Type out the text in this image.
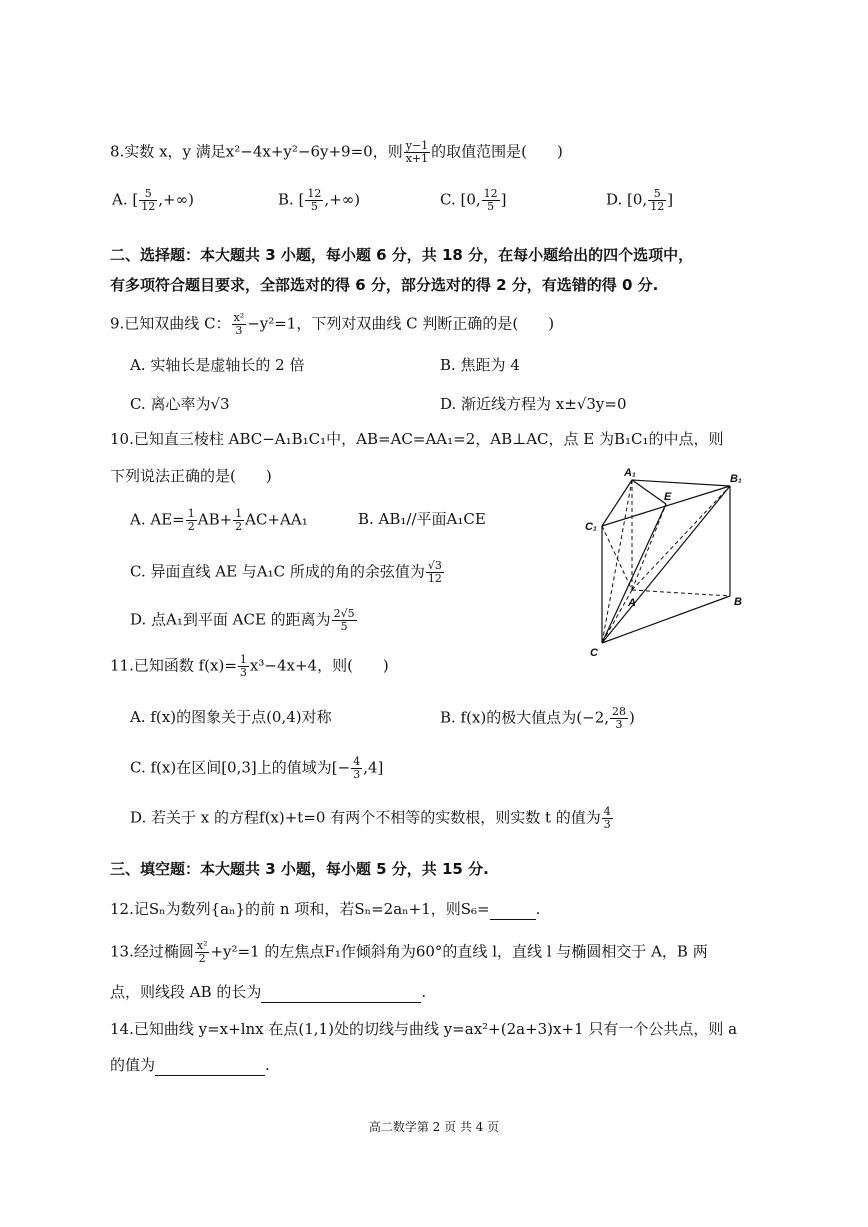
8.实数 x，y 满足x²−4x+y²−6y+9=0，则 $\frac{y-1}{x+1}$ 的取值范围是(　　)
A. [ $\frac{5}{12}$ ,+∞)	B. [ $\frac{12}{5}$ ,+∞)	C. [0, $\frac{12}{5}$ ]	D. [0, $\frac{5}{12}$ ]
二、选择题：本大题共 3 小题，每小题 6 分，共 18 分，在每小题给出的四个选项中，
有多项符合题目要求，全部选对的得 6 分，部分选对的得 2 分，有选错的得 0 分.
9.已知双曲线 C： $\frac{\text{x²}}{3} -y^2=1$，下列对双曲线 C 判断正确的是(　　)
A. 实轴长是虚轴长的 2 倍	B. 焦距为 4
C. 离心率为√3	D. 渐近线方程为 x±√3y=0
10.已知直三棱柱 ABC−A₁B₁C₁中，AB=AC=AA₁=2，AB⊥AC，点 E 为B₁C₁的中点，则
下列说法正确的是(　　)
A. $AE= \frac{1}{2} AB+ \frac{1}{2} AC+AA_1$	B. AB₁//平面A₁CE
C. 异面直线 AE 与A₁C 所成的角的余弦值为 $\frac{√3}{12}$
D. 点A₁到平面 ACE 的距离为 $\frac{2√5}{5}$
A₁	B₁
C₁
E
A	B
C
11.已知函数 $f(x)= \frac{1}{3} x^3-4x+4$，则(　　)
A. f(x)的图象关于点(0,4)对称	B. f(x)的极大值点为(−2, $\frac{28}{3}$ )
C. f(x)在区间[0,3]上的值域为[− $\frac{4}{3} ,4$]
D. 若关于 x 的方程f(x)+t=0 有两个不相等的实数根，则实数 t 的值为 $\frac{4}{3}$
三、填空题：本大题共 3 小题，每小题 5 分，共 15 分.
12.记Sₙ为数列{aₙ}的前 n 项和，若Sₙ=2aₙ+1，则S₆=	.
13.经过椭圆 $\frac{\text{x²}}{2} +y^2=1$ 的左焦点F₁作倾斜角为60°的直线 l，直线 l 与椭圆相交于 A，B 两
点，则线段 AB 的长为	.
14.已知曲线 y=x+lnx 在点(1,1)处的切线与曲线 y=ax²+(2a+3)x+1 只有一个公共点，则 a
的值为	.
高二数学第 2 页 共 4 页
